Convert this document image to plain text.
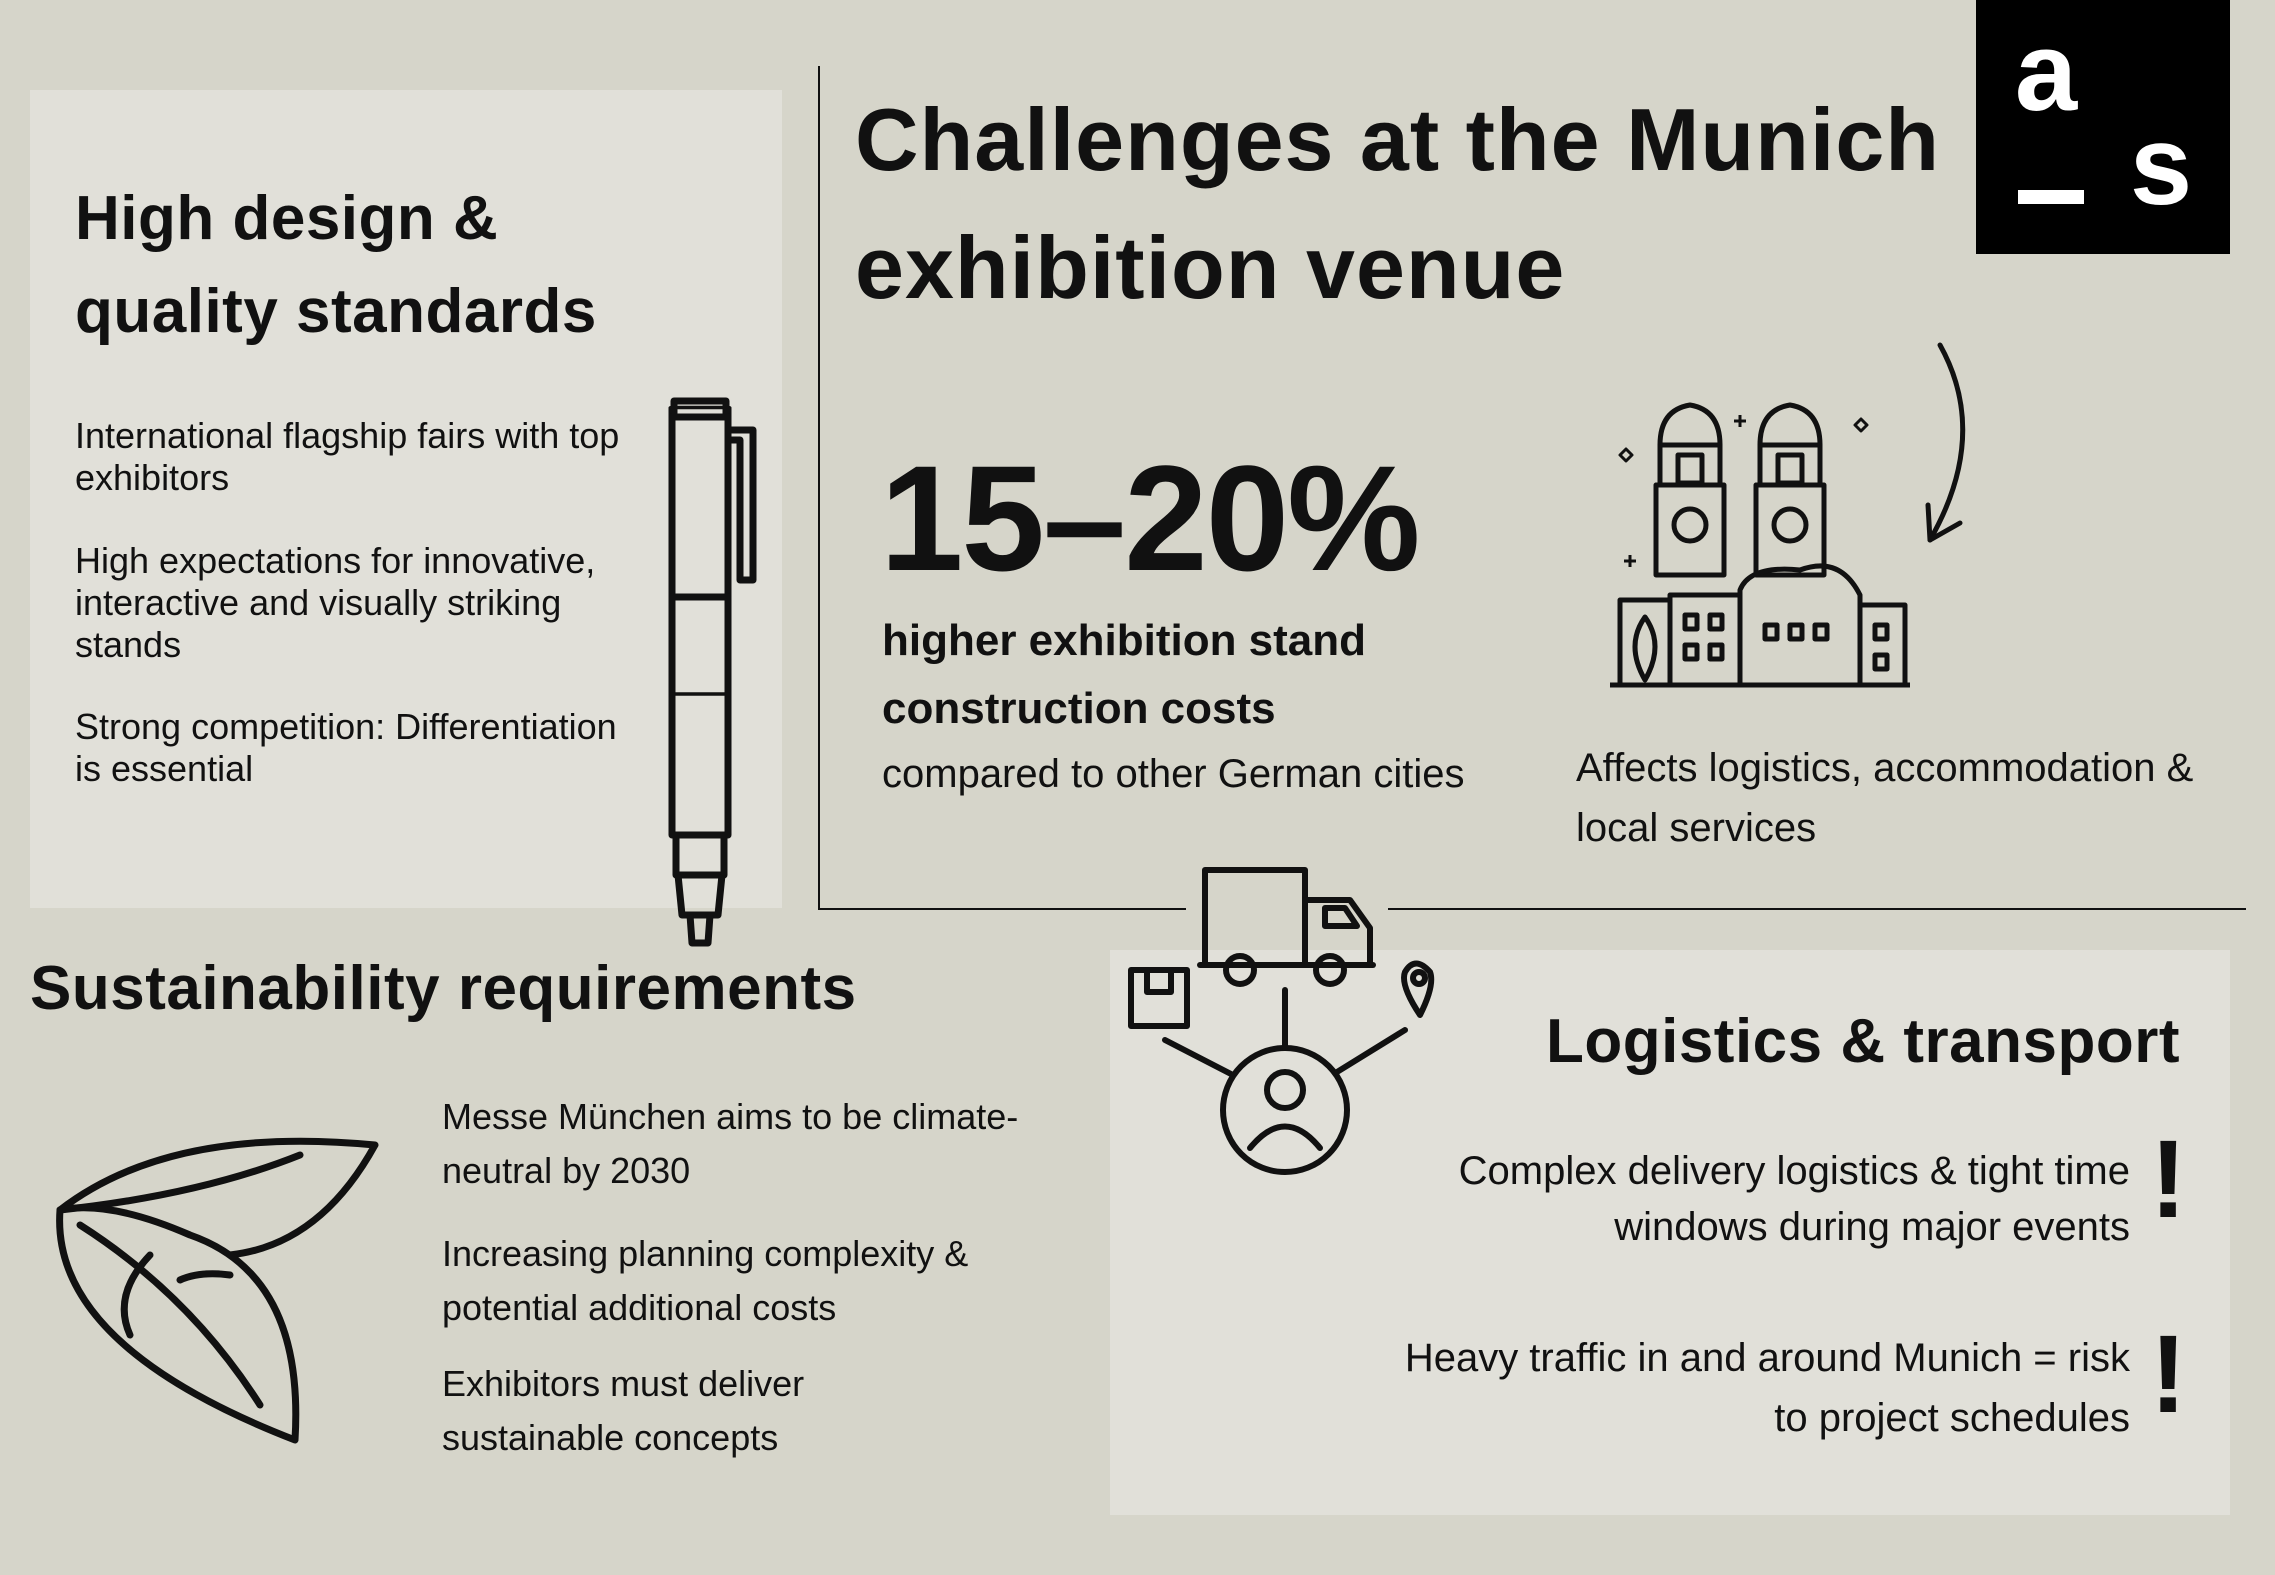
a
s
Challenges at the Munich exhibition venue
High design & quality standards

International flagship fairs with top exhibitors

High expectations for innovative, interactive and visually striking stands

Strong competition: Differentiation is essential

15–20%

higher exhibition stand construction costs

compared to other German cities	Affects logistics, accommodation & local services

Sustainability requirements

Messe München aims to be climate-neutral by 2030

Increasing planning complexity & potential additional costs

Exhibitors must deliver sustainable concepts

Logistics & transport

Complex delivery logistics & tight time windows during major events

Heavy traffic in and around Munich = risk to project schedules

!
!
